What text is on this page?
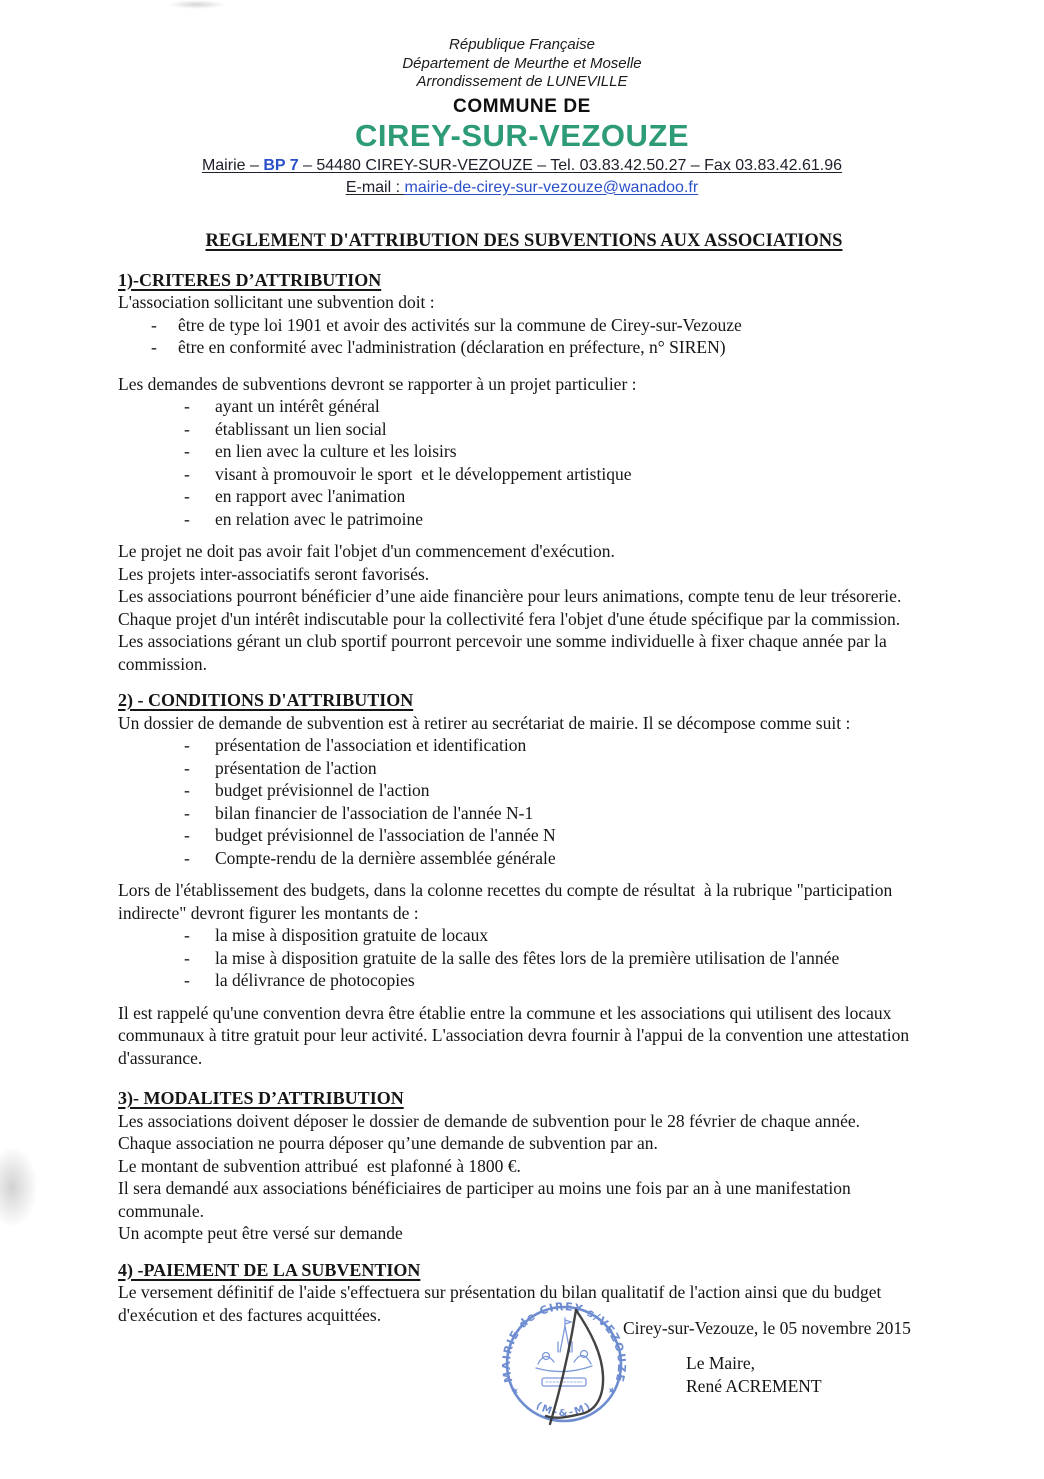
République Française
Département de Meurthe et Moselle
Arrondissement de LUNEVILLE
COMMUNE DE
CIREY-SUR-VEZOUZE
Mairie – BP 7 – 54480 CIREY-SUR-VEZOUZE – Tel. 03.83.42.50.27 – Fax 03.83.42.61.96
E-mail : mairie-de-cirey-sur-vezouze@wanadoo.fr
REGLEMENT D'ATTRIBUTION DES SUBVENTIONS AUX ASSOCIATIONS
1)-CRITERES D’ATTRIBUTION

L'association sollicitant une subvention doit :

- être de type loi 1901 et avoir des activités sur la commune de Cirey-sur-Vezouze
- être en conformité avec l'administration (déclaration en préfecture, n° SIREN)

Les demandes de subventions devront se rapporter à un projet particulier :

- ayant un intérêt général
- établissant un lien social
- en lien avec la culture et les loisirs
- visant à promouvoir le sport  et le développement artistique
- en rapport avec l'animation
- en relation avec le patrimoine

Le projet ne doit pas avoir fait l'objet d'un commencement d'exécution.

Les projets inter-associatifs seront favorisés.

Les associations pourront bénéficier d’une aide financière pour leurs animations, compte tenu de leur trésorerie.

Chaque projet d'un intérêt indiscutable pour la collectivité fera l'objet d'une étude spécifique par la commission.

Les associations gérant un club sportif pourront percevoir une somme individuelle à fixer chaque année par la commission.

2) - CONDITIONS D'ATTRIBUTION

Un dossier de demande de subvention est à retirer au secrétariat de mairie. Il se décompose comme suit :

- présentation de l'association et identification
- présentation de l'action
- budget prévisionnel de l'action
- bilan financier de l'association de l'année N-1
- budget prévisionnel de l'association de l'année N
- Compte-rendu de la dernière assemblée générale

Lors de l'établissement des budgets, dans la colonne recettes du compte de résultat  à la rubrique "participation indirecte" devront figurer les montants de :

- la mise à disposition gratuite de locaux
- la mise à disposition gratuite de la salle des fêtes lors de la première utilisation de l'année
- la délivrance de photocopies

Il est rappelé qu'une convention devra être établie entre la commune et les associations qui utilisent des locaux communaux à titre gratuit pour leur activité. L'association devra fournir à l'appui de la convention une attestation d'assurance.

3)- MODALITES D’ATTRIBUTION

Les associations doivent déposer le dossier de demande de subvention pour le 28 février de chaque année.

Chaque association ne pourra déposer qu’une demande de subvention par an.

Le montant de subvention attribué  est plafonné à 1800 €.

Il sera demandé aux associations bénéficiaires de participer au moins une fois par an à une manifestation communale.

Un acompte peut être versé sur demande

4) -PAIEMENT DE LA SUBVENTION

Le versement définitif de l'aide s'effectuera sur présentation du bilan qualitatif de l'action ainsi que du budget d'exécution et des factures acquittées.

Cirey-sur-Vezouze, le 05 novembre 2015
Le Maire,
René ACREMENT
MAIRIE de CIREY-s/VEZOUZE
(M-&-M)
★	★
